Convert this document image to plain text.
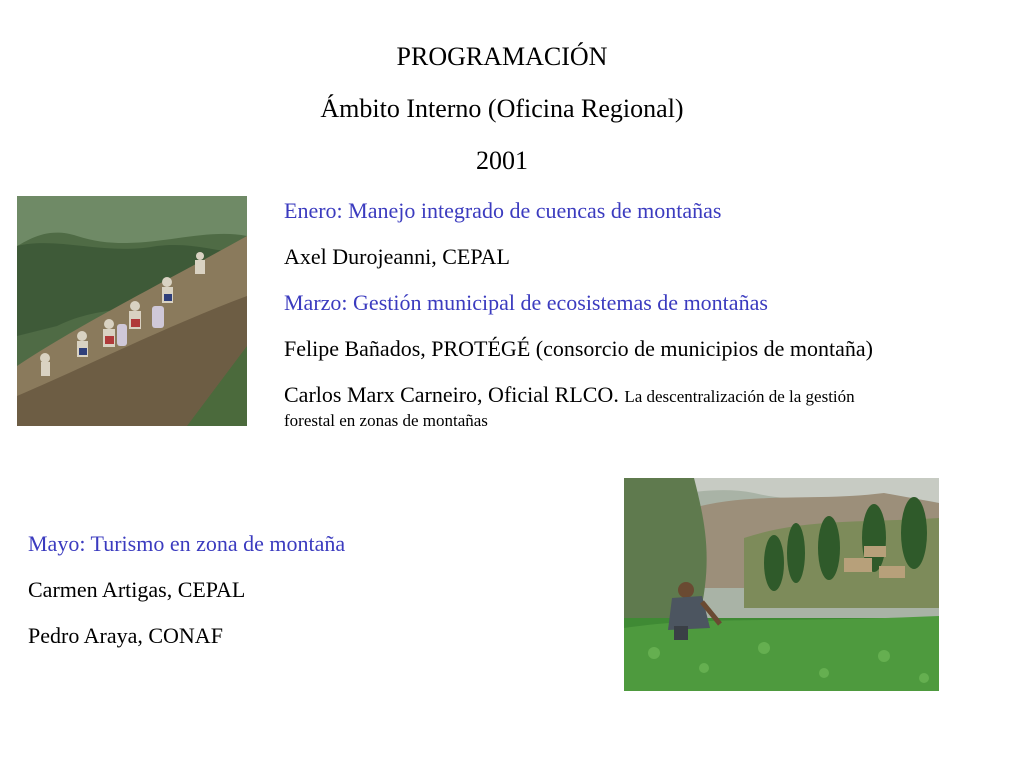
PROGRAMACIÓN
Ámbito Interno (Oficina Regional)
2001
Enero: Manejo integrado de cuencas de montañas
Axel Durojeanni, CEPAL
Marzo: Gestión municipal de ecosistemas de montañas
Felipe Bañados, PROTÉGÉ (consorcio de municipios de montaña)
Carlos Marx Carneiro, Oficial RLCO. La descentralización de la gestión
forestal en zonas de montañas
Mayo: Turismo en zona de montaña
Carmen Artigas, CEPAL
Pedro Araya, CONAF
